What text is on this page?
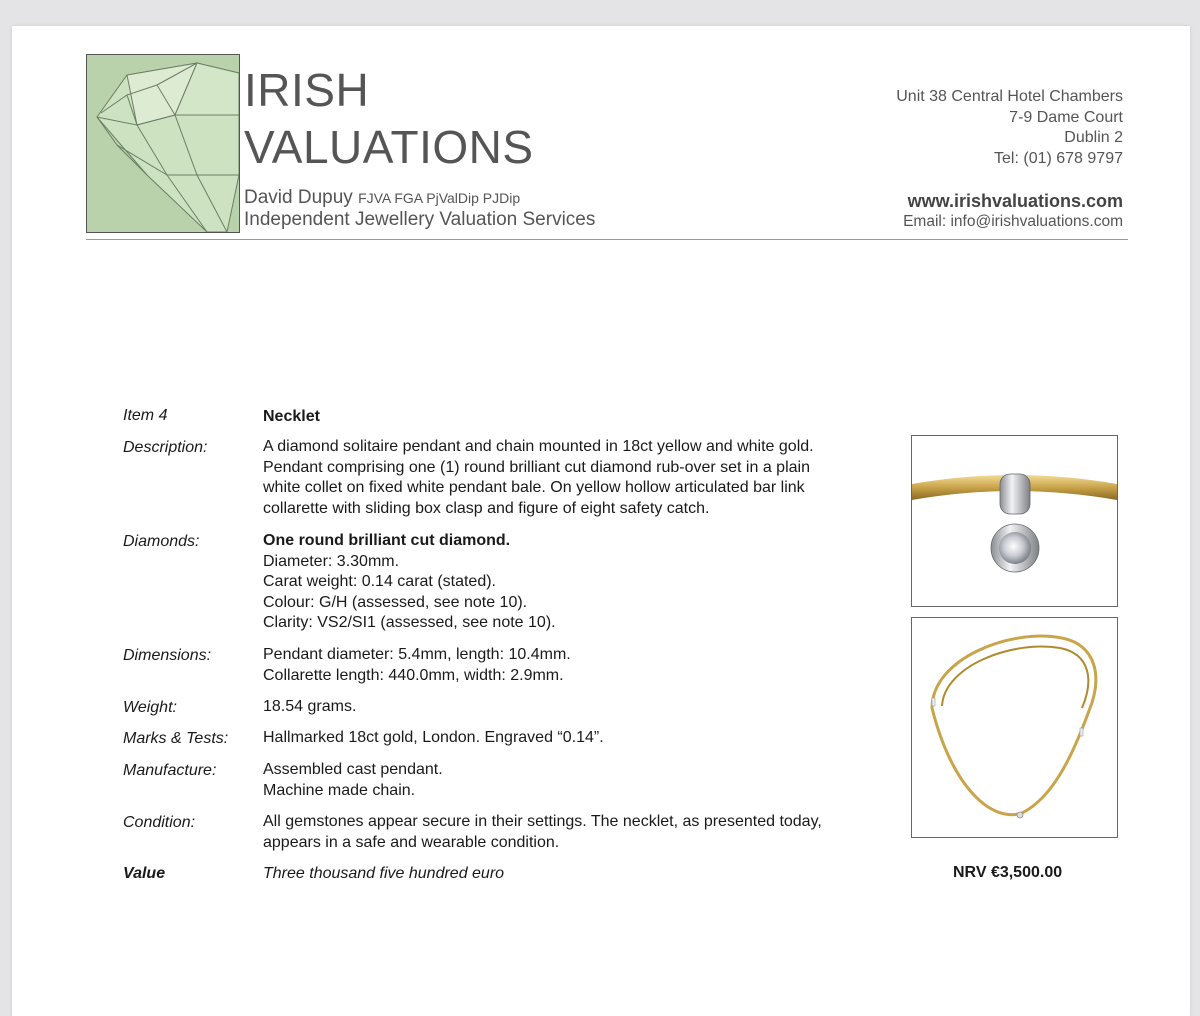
IRISH
VALUATIONS
David Dupuy FJVA FGA PjValDip PJDip
Independent Jewellery Valuation Services
Unit 38 Central Hotel Chambers
7-9 Dame Court
Dublin 2
Tel: (01) 678 9797
www.irishvaluations.com
Email: info@irishvaluations.com
Item 4	Necklet
Description:	A diamond solitaire pendant and chain mounted in 18ct yellow and white gold.
Pendant comprising one (1) round brilliant cut diamond rub-over set in a plain
white collet on fixed white pendant bale. On yellow hollow articulated bar link
collarette with sliding box clasp and figure of eight safety catch.
Diamonds:	One round brilliant cut diamond.
Diameter: 3.30mm.
Carat weight: 0.14 carat (stated).
Colour: G/H (assessed, see note 10).
Clarity: VS2/SI1 (assessed, see note 10).
Dimensions:	Pendant diameter: 5.4mm, length: 10.4mm.
Collarette length: 440.0mm, width: 2.9mm.
Weight:	18.54 grams.
Marks & Tests: Hallmarked 18ct gold, London. Engraved “0.14”.
Manufacture:	Assembled cast pendant.
Machine made chain.
Condition:	All gemstones appear secure in their settings. The necklet, as presented today,
appears in a safe and wearable condition.
Value	Three thousand five hundred euro	NRV €3,500.00
